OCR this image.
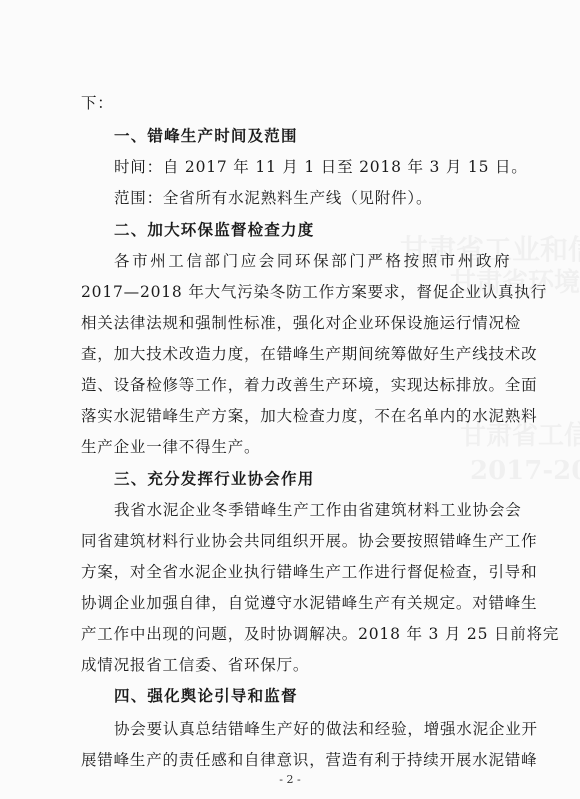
下：
一、错峰生产时间及范围
时间：自 2017 年 11 月 1 日至 2018 年 3 月 15 日。
范围：全省所有水泥熟料生产线（见附件）。
二、加大环保监督检查力度
各市州工信部门应会同环保部门严格按照市州政府
2017—2018 年大气污染冬防工作方案要求，督促企业认真执行
相关法律法规和强制性标准，强化对企业环保设施运行情况检
查，加大技术改造力度，在错峰生产期间统筹做好生产线技术改
造、设备检修等工作，着力改善生产环境，实现达标排放。全面
落实水泥错峰生产方案，加大检查力度，不在名单内的水泥熟料
生产企业一律不得生产。
三、充分发挥行业协会作用
我省水泥企业冬季错峰生产工作由省建筑材料工业协会会
同省建筑材料行业协会共同组织开展。协会要按照错峰生产工作
方案，对全省水泥企业执行错峰生产工作进行督促检查，引导和
协调企业加强自律，自觉遵守水泥错峰生产有关规定。对错峰生
产工作中出现的问题，及时协调解决。2018 年 3 月 25 日前将完
成情况报省工信委、省环保厅。
四、强化舆论引导和监督
协会要认真总结错峰生产好的做法和经验，增强水泥企业开
展错峰生产的责任感和自律意识，营造有利于持续开展水泥错峰
- 2 -
